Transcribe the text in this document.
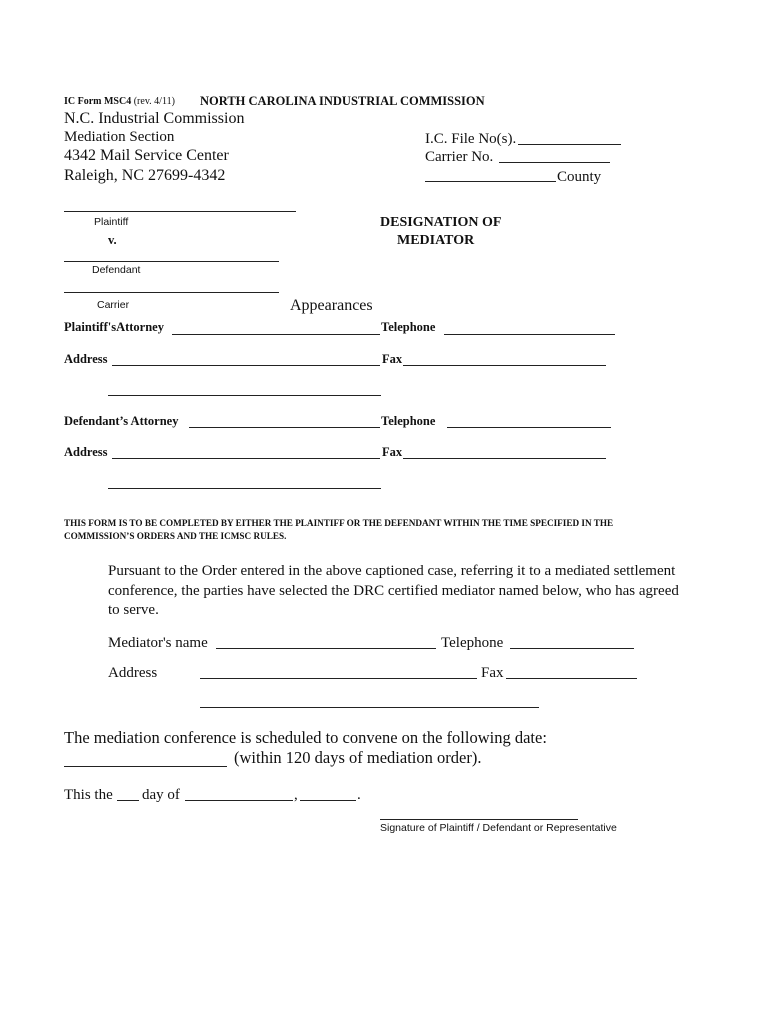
IC Form MSC4 (rev. 4/11) NORTH CAROLINA INDUSTRIAL COMMISSION
N.C. Industrial Commission
Mediation Section
4342 Mail Service Center
Raleigh, NC 27699-4342
I.C. File No(s).
Carrier No.
County
Plaintiff
v.
Defendant
Carrier
DESIGNATION OF
MEDIATOR
Appearances
Plaintiff'sAttorney	Telephone
Address	Fax
Defendant’s Attorney	Telephone
Address	Fax
THIS FORM IS TO BE COMPLETED BY EITHER THE PLAINTIFF OR THE DEFENDANT WITHIN THE TIME SPECIFIED IN THE
COMMISSION’S ORDERS AND THE ICMSC RULES.
Pursuant to the Order entered in the above captioned case, referring it to a mediated settlement
conference, the parties have selected the DRC certified mediator named below, who has agreed
to serve.
Mediator's name	Telephone
Address	Fax
The mediation conference is scheduled to convene on the following date:
(within 120 days of mediation order).
This the day of	,	.
Signature of Plaintiff / Defendant or Representative
